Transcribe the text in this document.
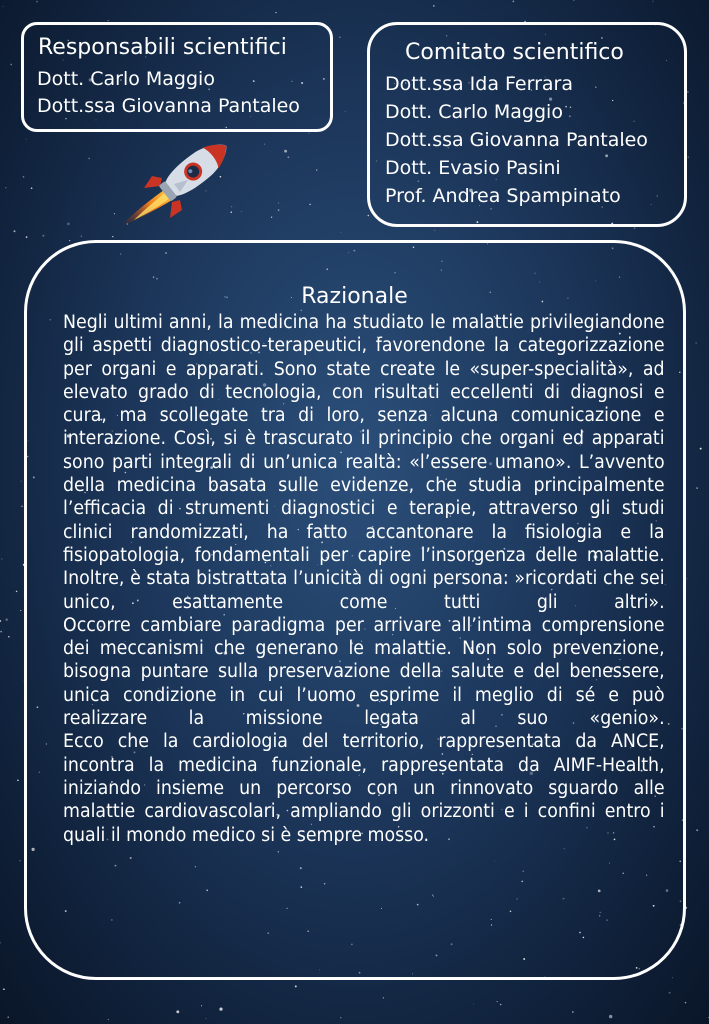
Responsabili scientifici
Dott. Carlo Maggio
Dott.ssa Giovanna Pantaleo
Comitato scientifico
Dott.ssa Ida Ferrara
Dott. Carlo Maggio
Dott.ssa Giovanna Pantaleo
Dott. Evasio Pasini
Prof. Andrea Spampinato
Razionale

Negli ultimi anni, la medicina ha studiato le malattie privilegiandone gli aspetti diagnostico-terapeutici, favorendone la categorizzazione per organi e apparati. Sono state create le «super-specialità», ad elevato grado di tecnologia, con risultati eccellenti di diagnosi e cura, ma scollegate tra di loro, senza alcuna comunicazione e interazione. Così, si è trascurato il principio che organi ed apparati sono parti integrali di un’unica realtà: «l’essere umano». L’avvento della medicina basata sulle evidenze, che studia principalmente l’efficacia di strumenti diagnostici e terapie, attraverso gli studi clinici randomizzati, ha fatto accantonare la fisiologia e la fisiopatologia, fondamentali per capire l’insorgenza delle malattie. Inoltre, è stata bistrattata l’unicità di ogni persona: »ricordati che sei unico, esattamente come tutti gli altri».

Occorre cambiare paradigma per arrivare all’intima comprensione dei meccanismi che generano le malattie. Non solo prevenzione, bisogna puntare sulla preservazione della salute e del benessere, unica condizione in cui l’uomo esprime il meglio di sé e può realizzare la missione legata al suo «genio».

Ecco che la cardiologia del territorio, rappresentata da ANCE, incontra la medicina funzionale, rappresentata da AIMF-Health, iniziando insieme un percorso con un rinnovato sguardo alle malattie cardiovascolari, ampliando gli orizzonti e i confini entro i quali il mondo medico si è sempre mosso.
